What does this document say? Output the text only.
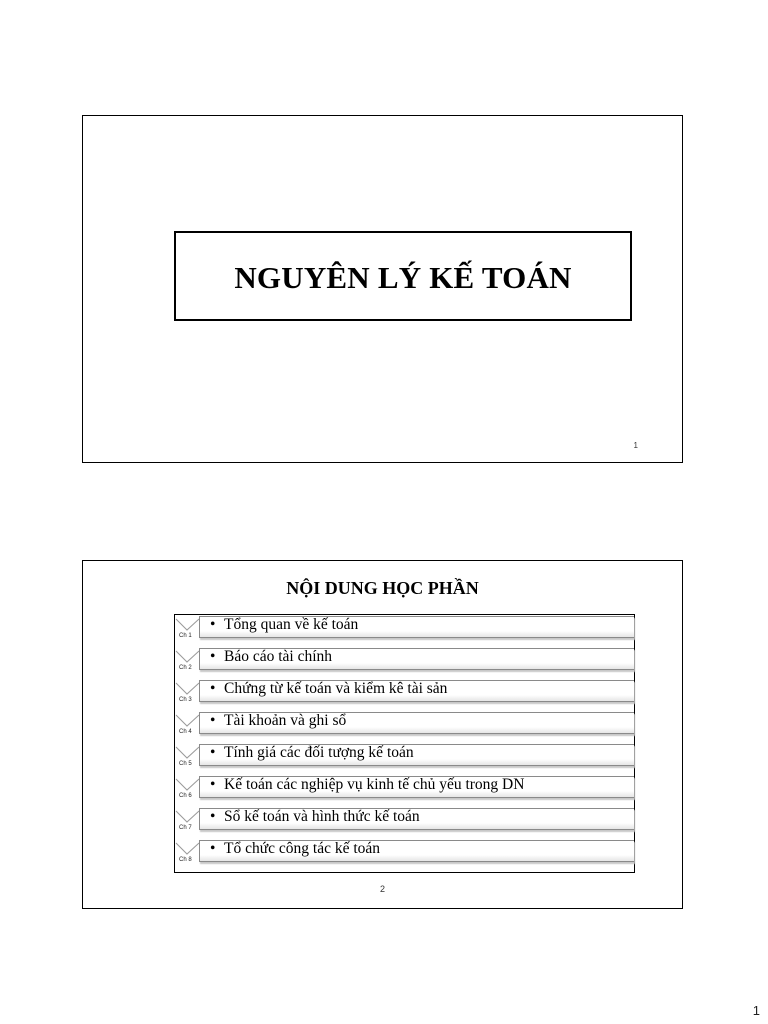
NGUYÊN LÝ KẾ TOÁN
1
NỘI DUNG HỌC PHẦN
Ch 1
• Tổng quan về kế toán
Ch 2
• Báo cáo tài chính
Ch 3
• Chứng từ kế toán và kiểm kê tài sản
Ch 4
• Tài khoản và ghi sổ
Ch 5
• Tính giá các đối tượng kế toán
Ch 6
• Kế toán các nghiệp vụ kinh tế chủ yếu trong DN
Ch 7
• Sổ kế toán và hình thức kế toán
Ch 8
• Tổ chức công tác kế toán
2
1
